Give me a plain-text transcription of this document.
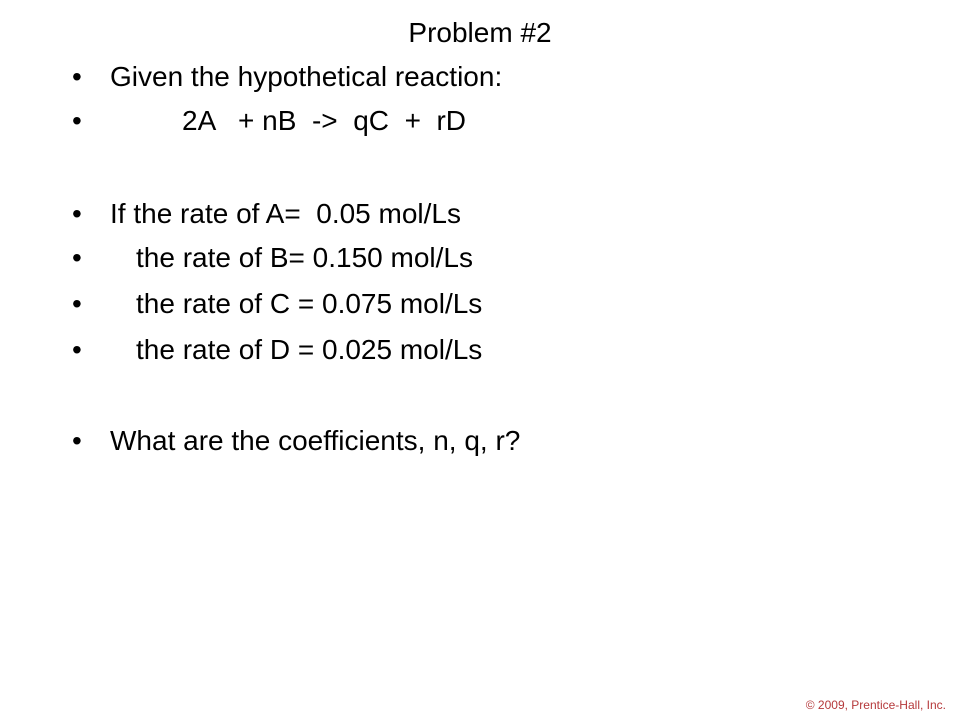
Problem #2

•

	Given the hypothetical reaction:

•

	2A   + nB  ->  qC  +  rD

•

	If the rate of A=  0.05 mol/Ls

•

	the rate of B= 0.150 mol/Ls

•

	the rate of C = 0.075 mol/Ls

•

	the rate of D = 0.025 mol/Ls

•

	What are the coefficients, n, q, r?

© 2009, Prentice-Hall, Inc.
